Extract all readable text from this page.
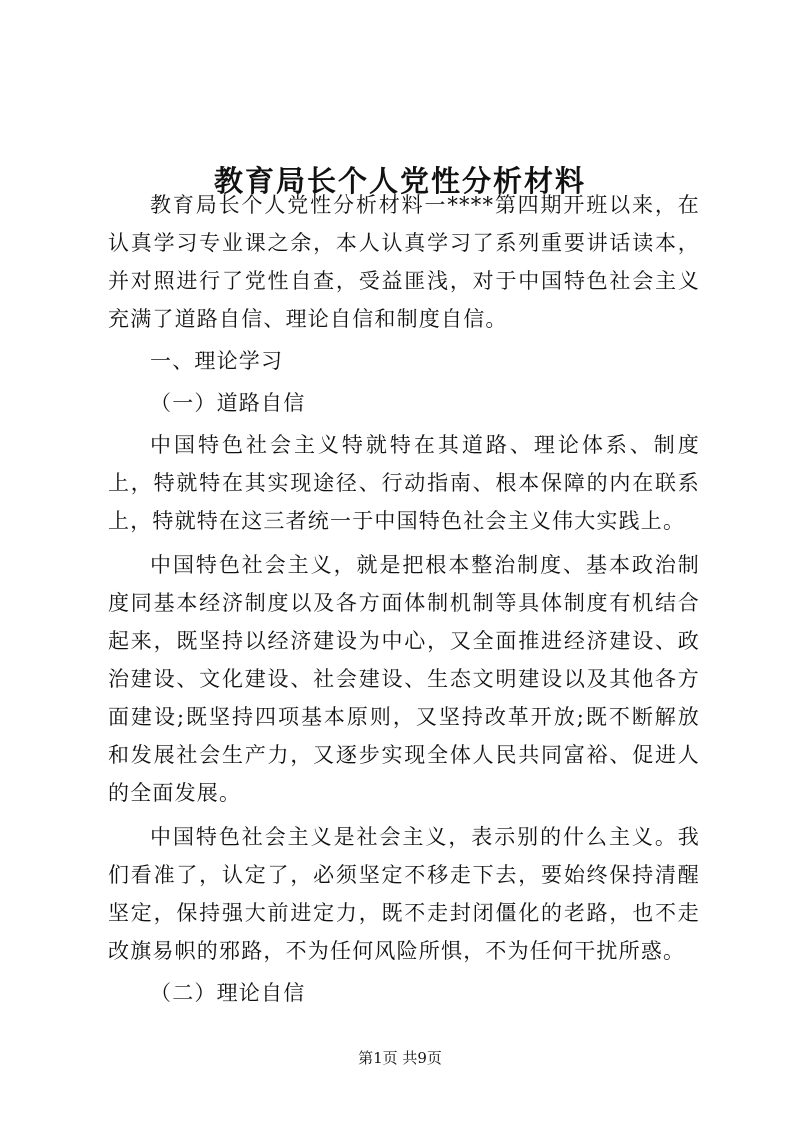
教育局长个人党性分析材料

教育局长个人党性分析材料一****第四期开班以来，在认真学习专业课之余，本人认真学习了系列重要讲话读本，并对照进行了党性自查，受益匪浅，对于中国特色社会主义充满了道路自信、理论自信和制度自信。

一、理论学习

（一）道路自信

中国特色社会主义特就特在其道路、理论体系、制度上，特就特在其实现途径、行动指南、根本保障的内在联系上，特就特在这三者统一于中国特色社会主义伟大实践上。

中国特色社会主义，就是把根本整治制度、基本政治制度同基本经济制度以及各方面体制机制等具体制度有机结合起来，既坚持以经济建设为中心，又全面推进经济建设、政治建设、文化建设、社会建设、生态文明建设以及其他各方面建设;既坚持四项基本原则，又坚持改革开放;既不断解放和发展社会生产力，又逐步实现全体人民共同富裕、促进人的全面发展。

中国特色社会主义是社会主义，表示别的什么主义。我们看准了，认定了，必须坚定不移走下去，要始终保持清醒坚定，保持强大前进定力，既不走封闭僵化的老路，也不走改旗易帜的邪路，不为任何风险所惧，不为任何干扰所惑。

（二）理论自信

第1页 共9页
